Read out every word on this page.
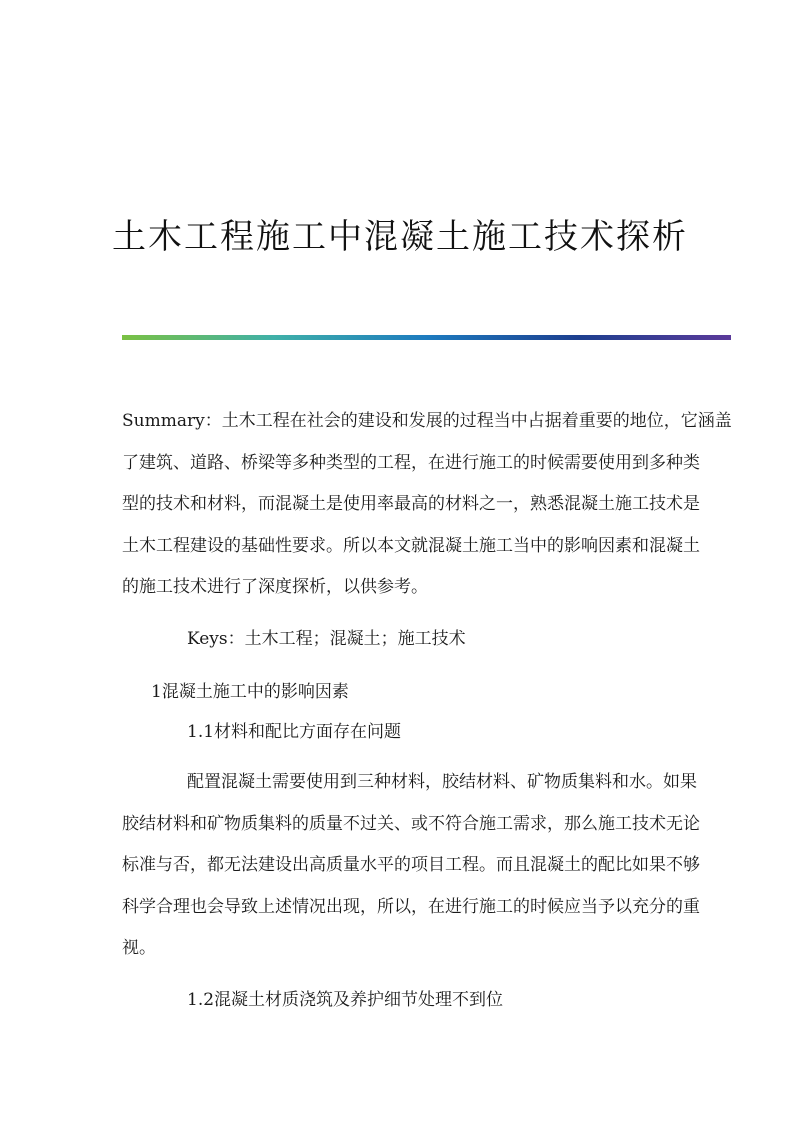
土木工程施工中混凝土施工技术探析
Summary：土木工程在社会的建设和发展的过程当中占据着重要的地位，它涵盖
了建筑、道路、桥梁等多种类型的工程，在进行施工的时候需要使用到多种类
型的技术和材料，而混凝土是使用率最高的材料之一，熟悉混凝土施工技术是
土木工程建设的基础性要求。所以本文就混凝土施工当中的影响因素和混凝土
的施工技术进行了深度探析，以供参考。
Keys：土木工程；混凝土；施工技术
1混凝土施工中的影响因素
1.1材料和配比方面存在问题
配置混凝土需要使用到三种材料，胶结材料、矿物质集料和水。如果
胶结材料和矿物质集料的质量不过关、或不符合施工需求，那么施工技术无论
标准与否，都无法建设出高质量水平的项目工程。而且混凝土的配比如果不够
科学合理也会导致上述情况出现，所以，在进行施工的时候应当予以充分的重
视。
1.2混凝土材质浇筑及养护细节处理不到位
